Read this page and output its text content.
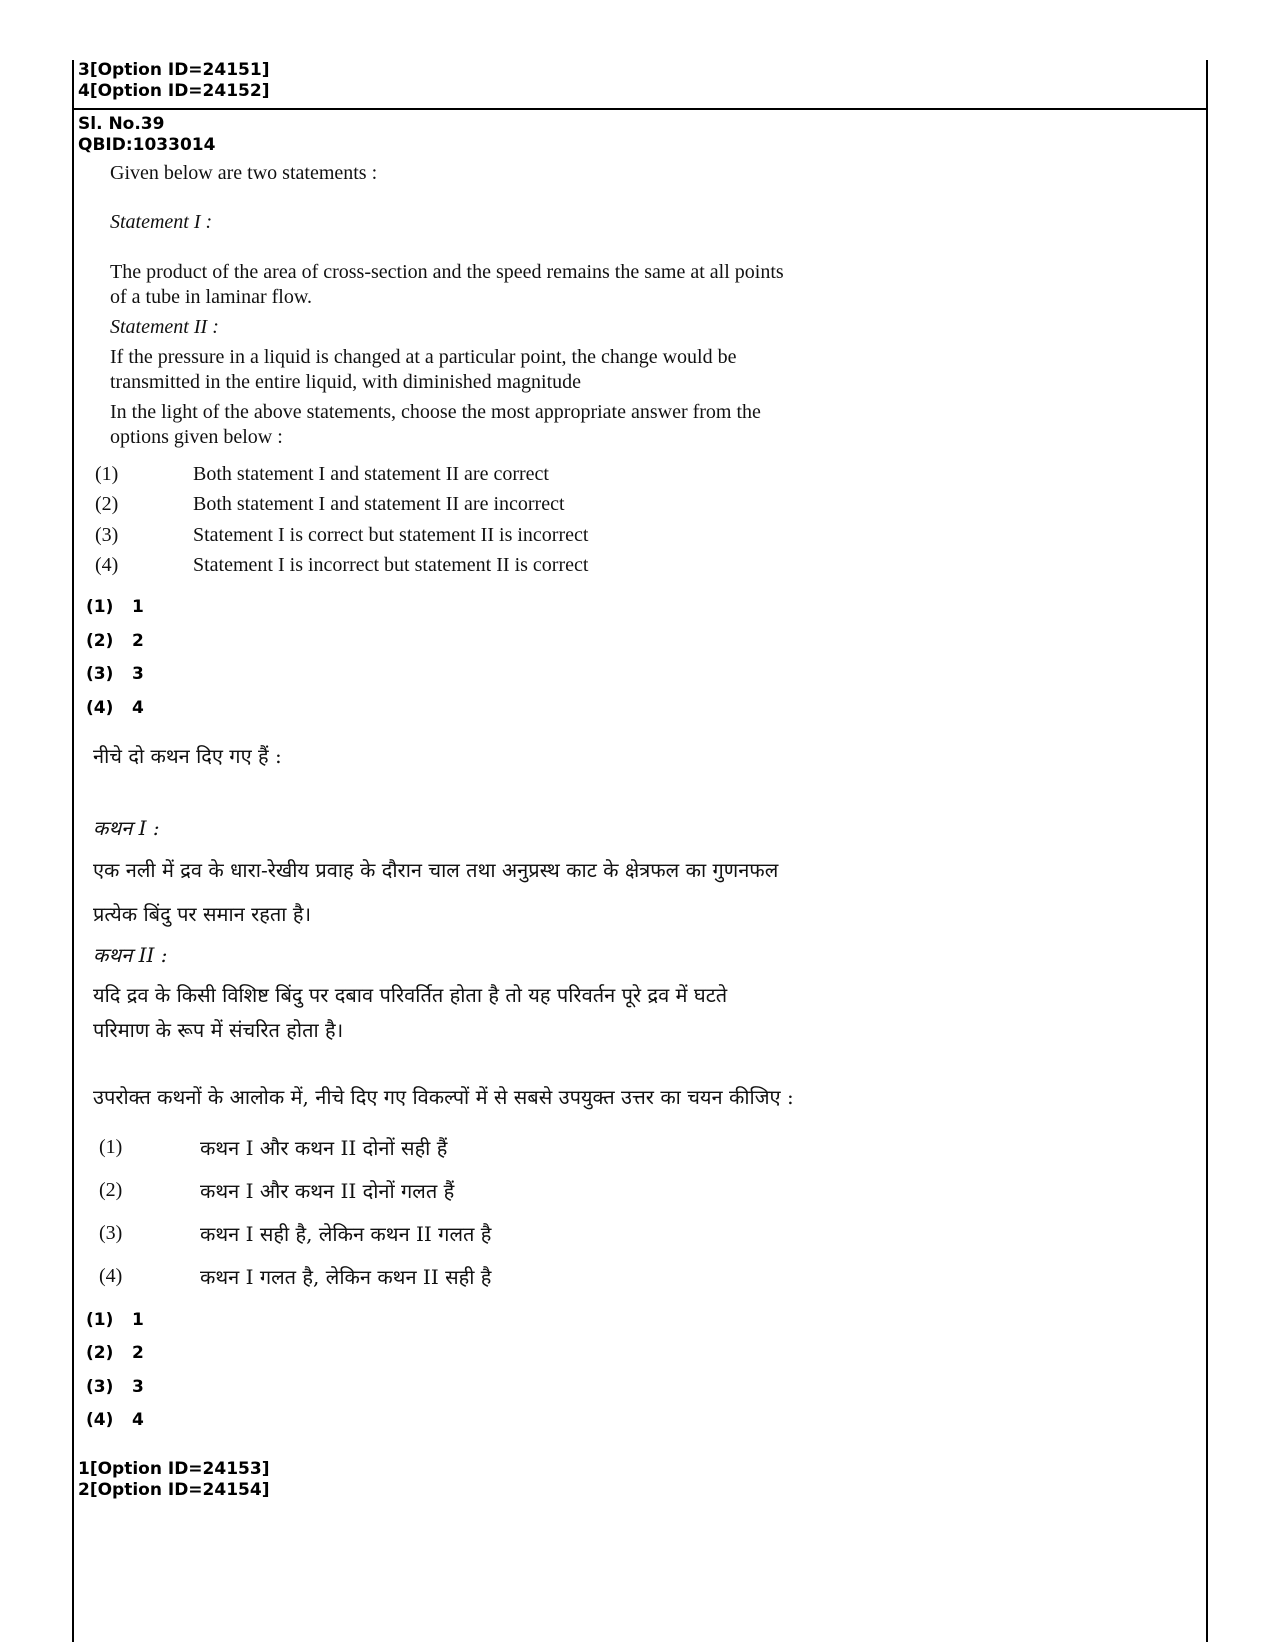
3[Option ID=24151]
4[Option ID=24152]
Sl. No.39
QBID:1033014
Given below are two statements :
Statement I :
The product of the area of cross-section and the speed remains the same at all points
of a tube in laminar flow.
Statement II :
If the pressure in a liquid is changed at a particular point, the change would be
transmitted in the entire liquid, with diminished magnitude
In the light of the above statements, choose the most appropriate answer from the
options given below :
(1)	Both statement I and statement II are correct
(2)	Both statement I and statement II are incorrect
(3)	Statement I is correct but statement II is incorrect
(4)	Statement I is incorrect but statement II is correct
(1) 1
(2) 2
(3) 3
(4) 4
नीचे दो कथन दिए गए हैं :
कथन I :
एक नली में द्रव के धारा-रेखीय प्रवाह के दौरान चाल तथा अनुप्रस्थ काट के क्षेत्रफल का गुणनफल
प्रत्येक बिंदु पर समान रहता है।
कथन II :
यदि द्रव के किसी विशिष्ट बिंदु पर दबाव परिवर्तित होता है तो यह परिवर्तन पूरे द्रव में घटते
परिमाण के रूप में संचरित होता है।
उपरोक्त कथनों के आलोक में, नीचे दिए गए विकल्पों में से सबसे उपयुक्त उत्तर का चयन कीजिए :
(1)	कथन I और कथन II दोनों सही हैं
(2)	कथन I और कथन II दोनों गलत हैं
(3)	कथन I सही है, लेकिन कथन II गलत है
(4)	कथन I गलत है, लेकिन कथन II सही है
(1) 1
(2) 2
(3) 3
(4) 4
1[Option ID=24153]
2[Option ID=24154]
